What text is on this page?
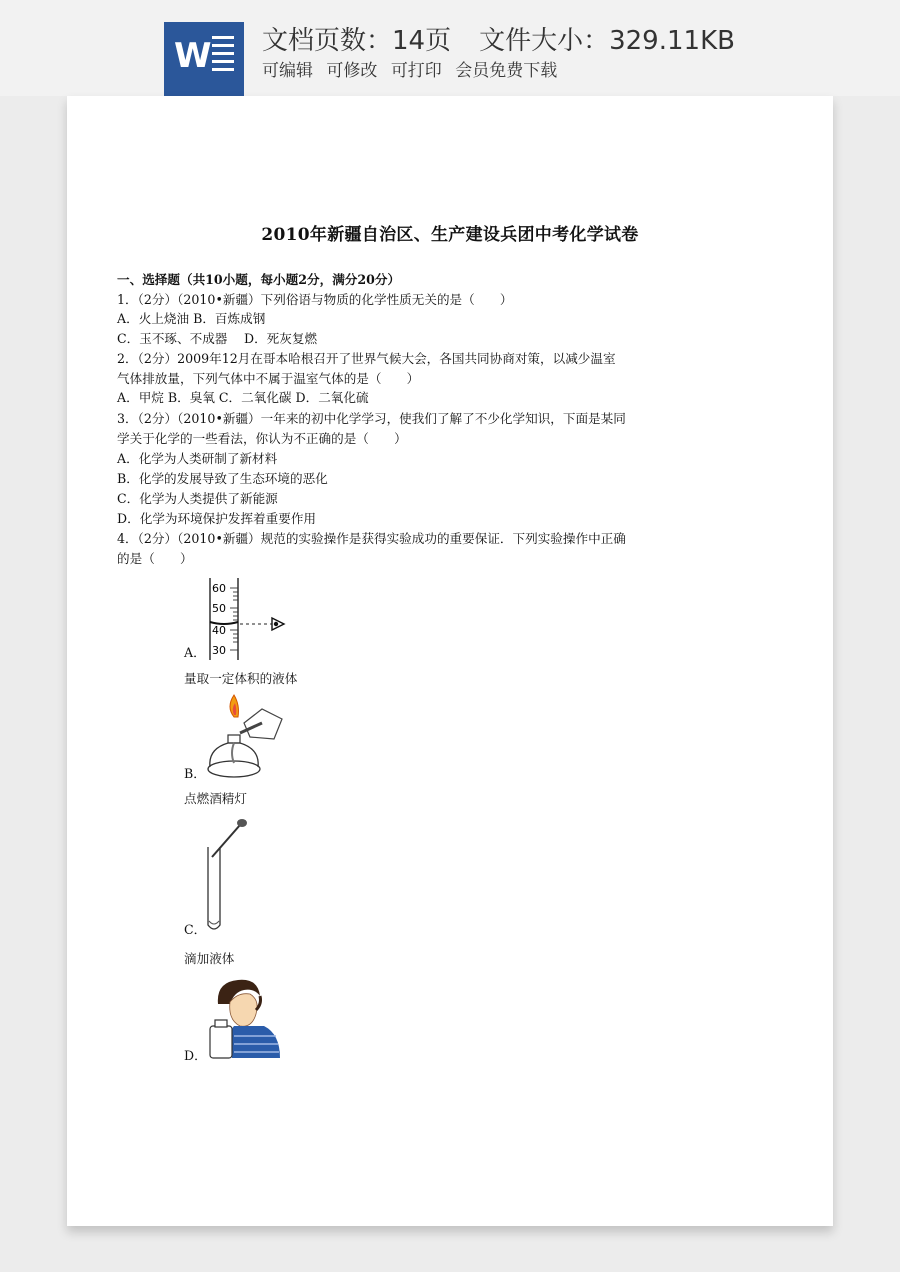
W 文档页数：14页 文件大小：329.11KB
可编辑 可修改 可打印 会员免费下载
2010年新疆自治区、生产建设兵团中考化学试卷
一、选择题（共10小题，每小题2分，满分20分）
1．（2分）（2010•新疆）下列俗语与物质的化学性质无关的是（　　）
A．火上烧油 B．百炼成钢
C．玉不琢、不成器　 D．死灰复燃
2．（2分）2009年12月在哥本哈根召开了世界气候大会，各国共同协商对策，以减少温室
气体排放量，下列气体中不属于温室气体的是（　　）
A．甲烷 B．臭氧 C．二氧化碳 D．二氧化硫
3．（2分）（2010•新疆）一年来的初中化学学习，使我们了解了不少化学知识，下面是某同
学关于化学的一些看法，你认为不正确的是（　　）
A．化学为人类研制了新材料
B．化学的发展导致了生态环境的恶化
C．化学为人类提供了新能源
D．化学为环境保护发挥着重要作用
4．（2分）（2010•新疆）规范的实验操作是获得实验成功的重要保证．下列实验操作中正确
的是（　　）
60
50
40
30
A．
量取一定体积的液体
B．
点燃酒精灯
C．
滴加液体
D．
